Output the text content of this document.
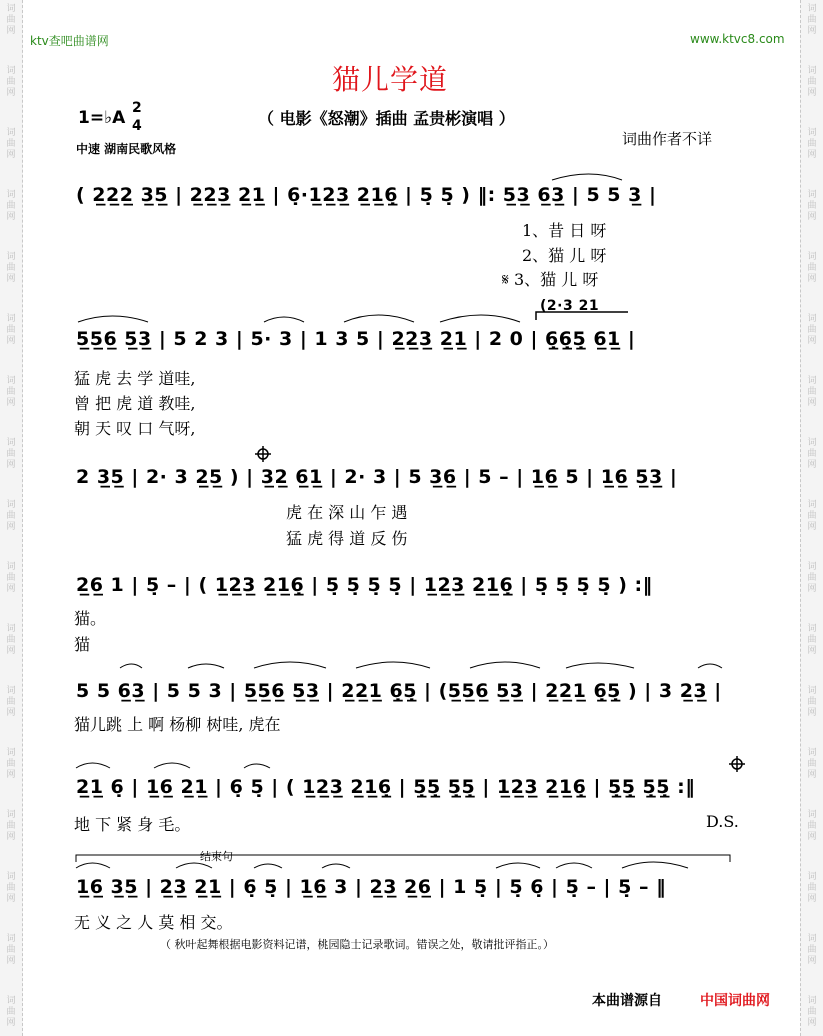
ktv查吧曲谱网	www.ktvc8.com
猫儿学道
1=♭A 2
4	（ 电影《怒潮》插曲 孟贵彬演唱 ）
中速 湖南民歌风格
词曲作者不详
( 2̲2̲2̲ 3̲5̲ | 2̲2̲3̲ 2̲1̲ | 6̣·1̲2̲3̲ 2̲1̲6̣̲ | 5̣ 5̣ ) ‖: 5̲3̲ 6̲3̲ | 5 5 3̲ |
1、昔 日 呀
2、猫 儿 呀
𝄋 3、猫 儿 呀
(2·3 21
5̲5̲6̲ 5̲3̲ | 5 2 3 | 5· 3 | 1 3 5 | 2̲2̲3̲ 2̲1̲ | 2 0 | 6̣̲6̣̲5̣̲ 6̲1̲ |
猛 虎 去 学 道哇,
曾 把 虎 道 教哇,
朝 天 叹 口 气呀,
2 3̲5̲ | 2· 3 2̲5̲ ) | 3̲2̲ 6̲1̲ | 2· 3 | 5 3̲6̲ | 5 – | 1̲6̲ 5 | 1̲6̲ 5̲3̲ |
虎 在 深 山 乍 遇
猛 虎 得 道 反 伤
2̲6̲ 1 | 5̣ – | ( 1̲2̲3̲ 2̲1̲6̣̲ | 5̣ 5̣ 5̣ 5̣ | 1̲2̲3̲ 2̲1̲6̣̲ | 5̣ 5̣ 5̣ 5̣ ) :‖
猫。
猫
5 5 6̲3̲ | 5 5 3 | 5̲5̲6̲ 5̲3̲ | 2̲2̲1̲ 6̣̲5̣̲ | (5̲5̲6̲ 5̲3̲ | 2̲2̲1̲ 6̣̲5̣̲ ) | 3 2̲3̲ |
猫儿跳 上 啊 杨柳 树哇, 虎在
2̲1̲ 6̣ | 1̲6̲ 2̲1̲ | 6̣ 5̣ | ( 1̲2̲3̲ 2̲1̲6̣̲ | 5̣̲5̣̲ 5̣̲5̣̲ | 1̲2̲3̲ 2̲1̲6̣̲ | 5̣̲5̣̲ 5̣̲5̣̲ :‖
地 下 紧 身 毛。	D.S.
结束句
1̲6̲ 3̲5̲ | 2̲3̲ 2̲1̲ | 6̣ 5̣ | 1̲6̲ 3 | 2̲3̲ 2̲6̲ | 1 5̣ | 5̣ 6̣ | 5̣ – | 5̣ – ‖
无 义 之 人 莫 相 交。
（ 秋叶起舞根据电影资料记谱，桃园隐士记录歌词。错误之处，敬请批评指正。）
本曲谱源自	中国词曲网
词
曲
网
词
曲
网
词
曲
网
词
曲
网
词
曲
网
词
曲
网
词
曲
网
词
曲
网
词
曲
网
词
曲
网
词
曲
网
词
曲
网
词
曲
网
词
曲
网
词
曲
网
词
曲
网
词
曲
网
词
曲
网
词
曲
网
词
曲
网
词
曲
网
词
曲
网
词
曲
网
词
曲
网
词
曲
网
词
曲
网
词
曲
网
词
曲
网
词
曲
网
词
曲
网
词
曲
网
词
曲
网
词
曲
网
词
曲
网
